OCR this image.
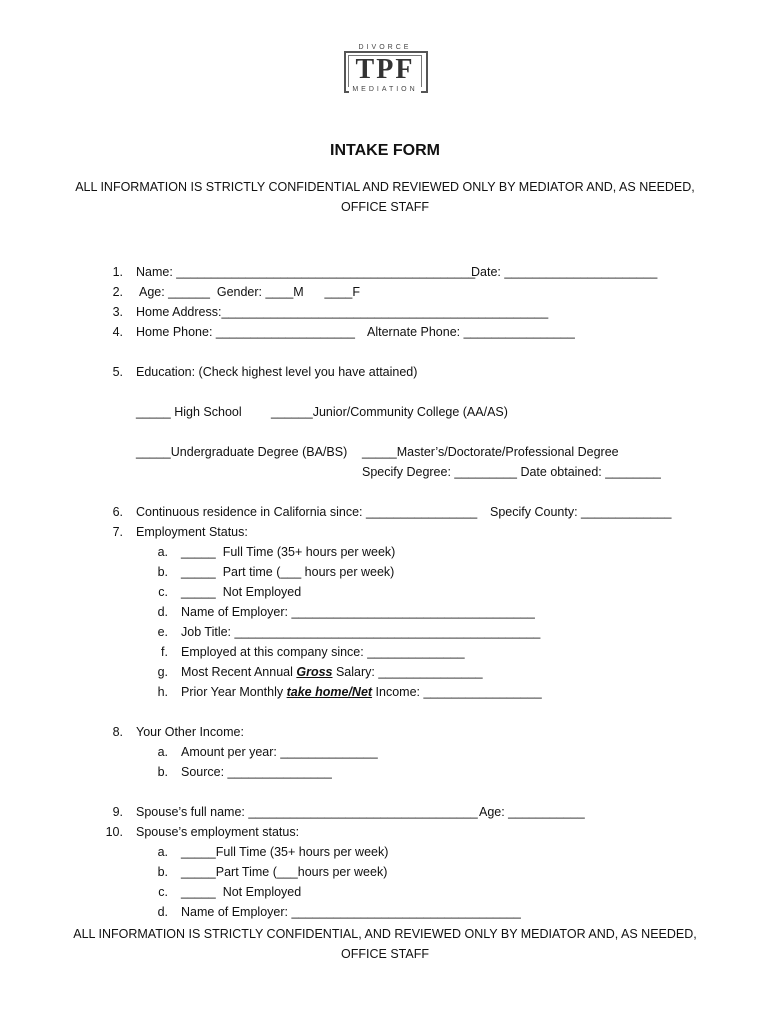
DIVORCE
TPF
MEDIATION
INTAKE FORM
ALL INFORMATION IS STRICTLY CONFIDENTIAL AND REVIEWED ONLY BY MEDIATOR AND, AS NEEDED,
OFFICE STAFF
1. Name: ___________________________________________
Date: ______________________
2. Age: ______  Gender: ____M      ____F
3. Home Address:_______________________________________________
4. Home Phone: ____________________ Alternate Phone: ________________
5. Education: (Check highest level you have attained)
_____ High School ______Junior/Community College (AA/AS)
_____Undergraduate Degree (BA/BS) _____Master’s/Doctorate/Professional Degree
Specify Degree: _________ Date obtained: ________
6. Continuous residence in California since: ________________ Specify County: _____________
7. Employment Status:
a. _____  Full Time (35+ hours per week)
b. _____  Part time (___ hours per week)
c. _____  Not Employed
d. Name of Employer: ___________________________________
e. Job Title: ____________________________________________
f. Employed at this company since: ______________
g. Most Recent Annual Gross Salary: _______________
h. Prior Year Monthly take home/Net Income: _________________
8. Your Other Income:
a. Amount per year: ______________
b. Source: _______________
9. Spouse’s full name: _________________________________ Age: ___________
10. Spouse’s employment status:
a. _____Full Time (35+ hours per week)
b. _____Part Time (___hours per week)
c. _____  Not Employed
d. Name of Employer: _________________________________
ALL INFORMATION IS STRICTLY CONFIDENTIAL, AND REVIEWED ONLY BY MEDIATOR AND, AS NEEDED,
OFFICE STAFF
